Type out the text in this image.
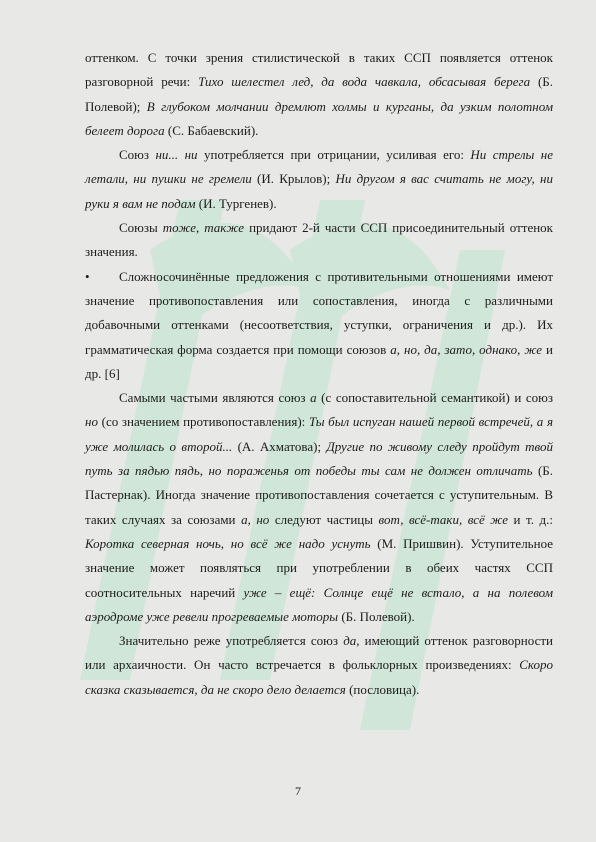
оттенком. С точки зрения стилистической в таких ССП появляется оттенок разговорной речи: Тихо шелестел лед, да вода чавкала, обсасывая берега (Б. Полевой); В глубоком молчании дремлют холмы и курганы, да узким полотном белеет дорога (С. Бабаевский).

Союз ни... ни употребляется при отрицании, усиливая его: Ни стрелы не летали, ни пушки не гремели (И. Крылов); Ни другом я вас считать не могу, ни руки я вам не подам (И. Тургенев).

Союзы тоже, также придают 2-й части ССП присоединительный оттенок значения.

• Сложносочинённые предложения с противительными отношениями имеют значение противопоставления или сопоставления, иногда с различными добавочными оттенками (несоответствия, уступки, ограничения и др.). Их грамматическая форма создается при помощи союзов а, но, да, зато, однако, же и др. [6]

Самыми частыми являются союз а (с сопоставительной семантикой) и союз но (со значением противопоставления): Ты был испуган нашей первой встречей, а я уже молилась о второй... (А. Ахматова); Другие по живому следу пройдут твой путь за пядью пядь, но пораженья от победы ты сам не должен отличать (Б. Пастернак). Иногда значение противопоставления сочетается с уступительным. В таких случаях за союзами а, но следуют частицы вот, всё-таки, всё же и т. д.: Коротка северная ночь, но всё же надо уснуть (М. Пришвин). Уступительное значение может появляться при употреблении в обеих частях ССП соотносительных наречий уже – ещё: Солнце ещё не встало, а на полевом аэродроме уже ревели прогреваемые моторы (Б. Полевой).

Значительно реже употребляется союз да, имеющий оттенок разговорности или архаичности. Он часто встречается в фольклорных произведениях: Скоро сказка сказывается, да не скоро дело делается (пословица).

7
